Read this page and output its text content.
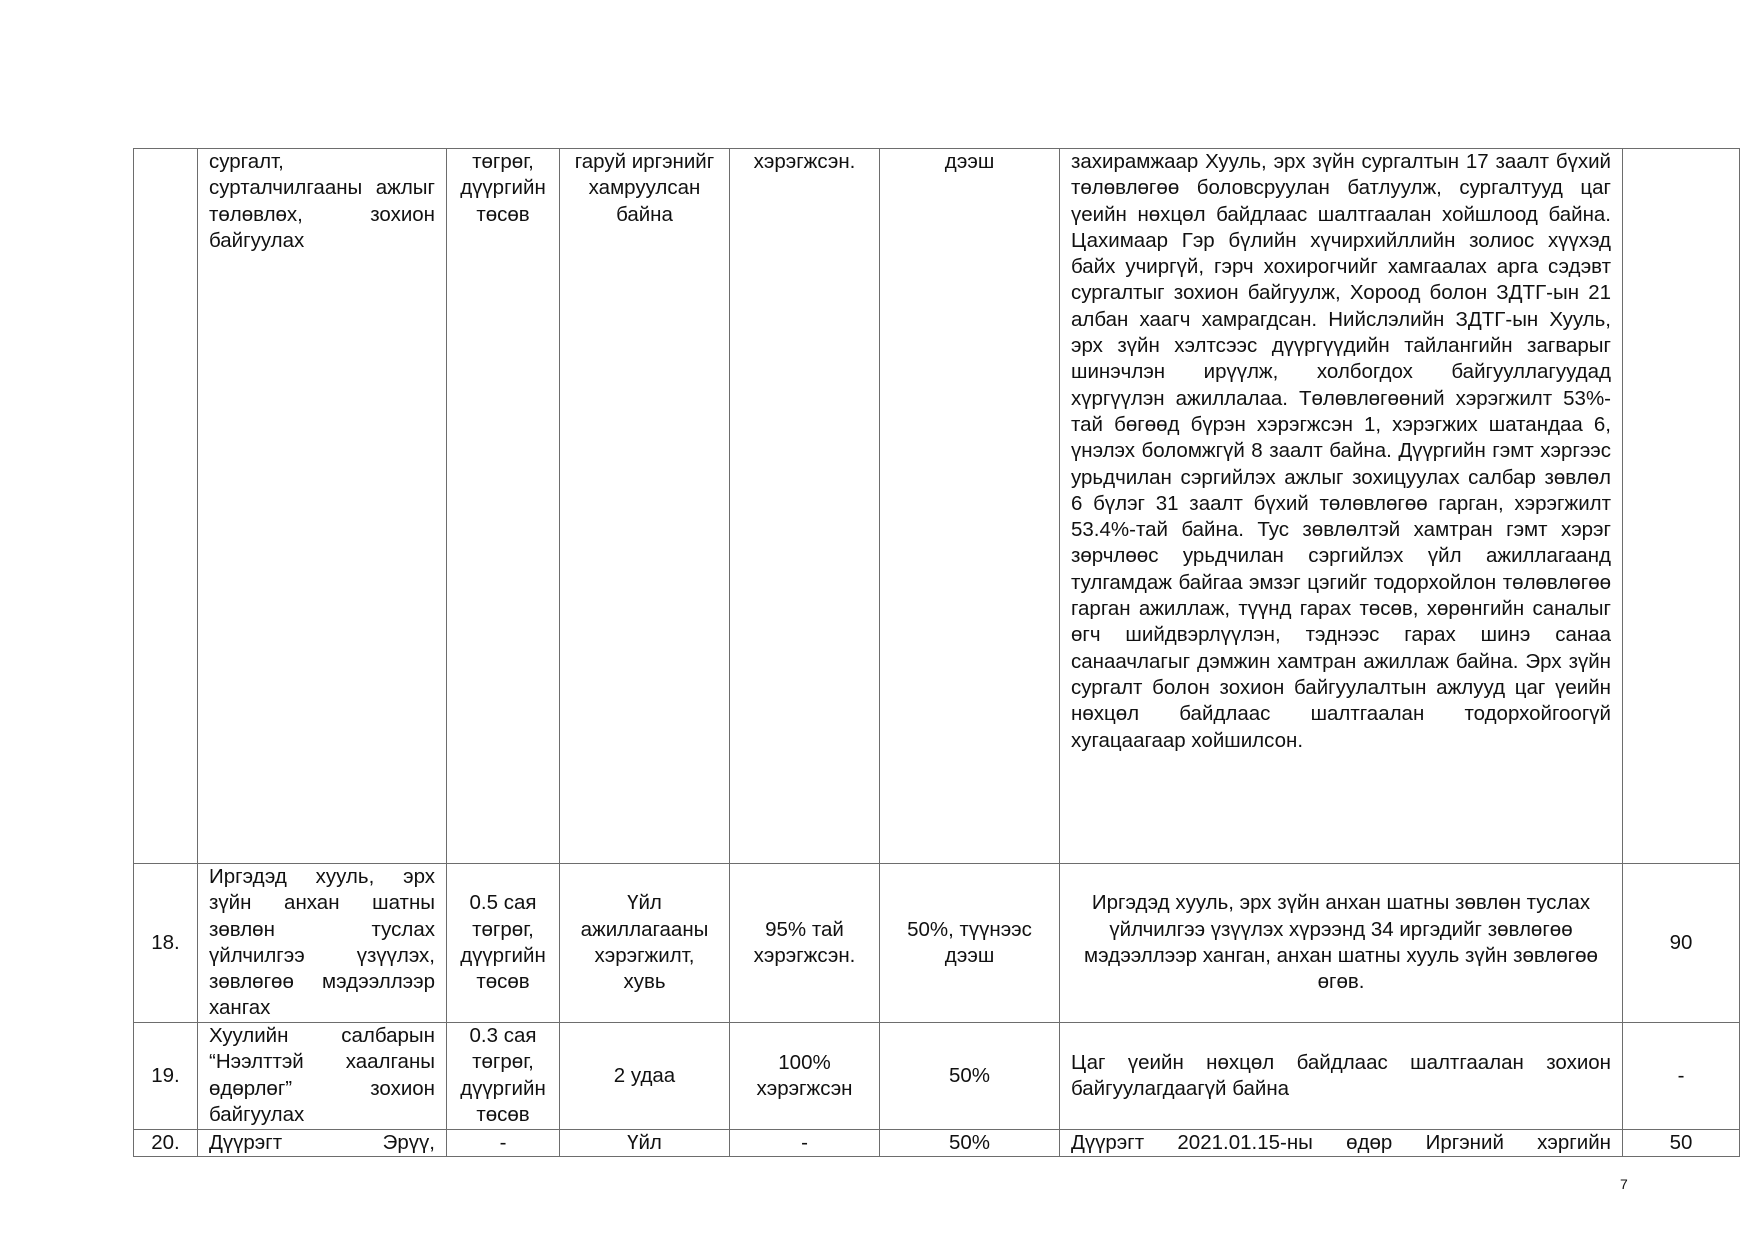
	сургалт, сурталчилгааны ажлыг төлөвлөх, зохион байгуулах	төгрөг, дүүргийн төсөв	гаруй иргэнийг хамруулсан байна	хэрэгжсэн.	дээш	захирамжаар Хууль, эрх зүйн сургалтын 17 заалт бүхий төлөвлөгөө боловсруулан батлуулж, сургалтууд цаг үеийн нөхцөл байдлаас шалтгаалан хойшлоод байна. Цахимаар Гэр бүлийн хүчирхийллийн золиос хүүхэд байх учиргүй, гэрч хохирогчийг хамгаалах арга сэдэвт сургалтыг зохион байгуулж, Хороод болон ЗДТГ-ын 21 албан хаагч хамрагдсан. Нийслэлийн ЗДТГ-ын Хууль, эрх зүйн хэлтсээс дүүргүүдийн тайлангийн загварыг шинэчлэн ирүүлж, холбогдох байгууллагуудад хүргүүлэн ажиллалаа. Төлөвлөгөөний хэрэгжилт 53%-тай бөгөөд бүрэн хэрэгжсэн 1, хэрэгжих шатандаа 6, үнэлэх боломжгүй 8 заалт байна. Дүүргийн гэмт хэргээс урьдчилан сэргийлэх ажлыг зохицуулах салбар зөвлөл 6 бүлэг 31 заалт бүхий төлөвлөгөө гарган, хэрэгжилт 53.4%-тай байна. Тус зөвлөлтэй хамтран гэмт хэрэг зөрчлөөс урьдчилан сэргийлэх үйл ажиллагаанд тулгамдаж байгаа эмзэг цэгийг тодорхойлон төлөвлөгөө гарган ажиллаж, түүнд гарах төсөв, хөрөнгийн саналыг өгч шийдвэрлүүлэн, тэднээс гарах шинэ санаа санаачлагыг дэмжин хамтран ажиллаж байна. Эрх зүйн сургалт болон зохион байгуулалтын ажлууд цаг үеийн нөхцөл байдлаас шалтгаалан тодорхойгоогүй хугацаагаар хойшилсон.	
18.	Иргэдэд хууль, эрх зүйн анхан шатны зөвлөн туслах үйлчилгээ үзүүлэх, зөвлөгөө мэдээллээр хангах	0.5 сая төгрөг, дүүргийн төсөв	Үйл ажиллагааны хэрэгжилт, хувь	95% тай хэрэгжсэн.	50%, түүнээс дээш	Иргэдэд хууль, эрх зүйн анхан шатны зөвлөн туслах үйлчилгээ үзүүлэх хүрээнд 34 иргэдийг зөвлөгөө мэдээллээр ханган, анхан шатны хууль зүйн зөвлөгөө өгөв.	90
19.	Хуулийн салбарын “Нээлттэй хаалганы өдөрлөг” зохион байгуулах	0.3 сая төгрөг, дүүргийн төсөв	2 удаа	100% хэрэгжсэн	50%	Цаг үеийн нөхцөл байдлаас шалтгаалан зохион байгуулагдаагүй байна	-
20.	Дүүрэгт Эрүү,	-	Үйл	-	50%	Дүүрэгт 2021.01.15-ны өдөр Иргэний хэргийн	50
7
